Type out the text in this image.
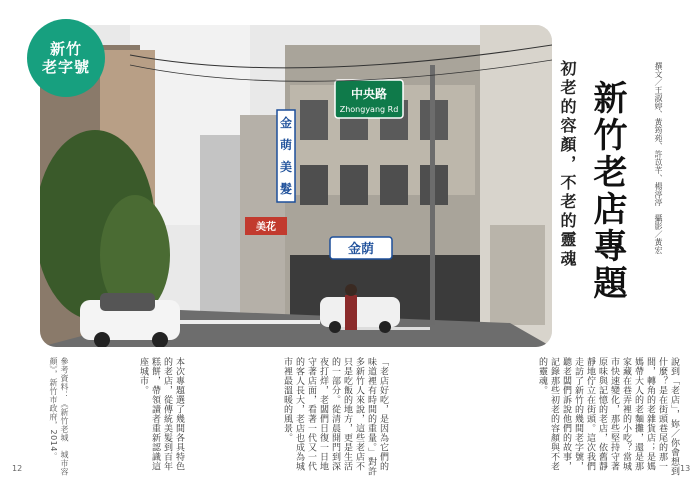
中央路
Zhongyang Rd
金
萌
美
髮
金荫
美花
新竹
老字號
新竹老店專題
初老的容顏，不老的靈魂	撰文／王淑婷、黃筠苑、許苡芊、楊渟渟　攝影／黃宏
說到「老店」，妳／你會想到什麼？是在街頭巷尾的那一間，轉角的老雜貨店；是媽媽帶大人的老麵攤，還是那家藏在巷弄裡的小吃？當城市快速變化，那些堅持守著原味與記憶的老店，依舊靜靜地佇立在街頭。這次我們走訪了新竹的幾間老字號，聽老闆們訴說他們的故事，記錄那些初老的容顏與不老的靈魂。
「老店好吃，是因為它們的味道裡有時間的重量。」對許多新竹人來說，這些老店不只是吃飯的地方，更是生活的一部分。從清晨開門到深夜打烊，老闆們日復一日地守著店面，看著一代又一代的客人長大，老店也成為城市裡最溫暖的風景。
本次專題選了幾間各具特色的老店，從傳統美髮到百年糕餅，帶領讀者重新認識這座城市。
參考資料：《新竹老城　城市容顏》，新竹市政府，2014。
12	13
